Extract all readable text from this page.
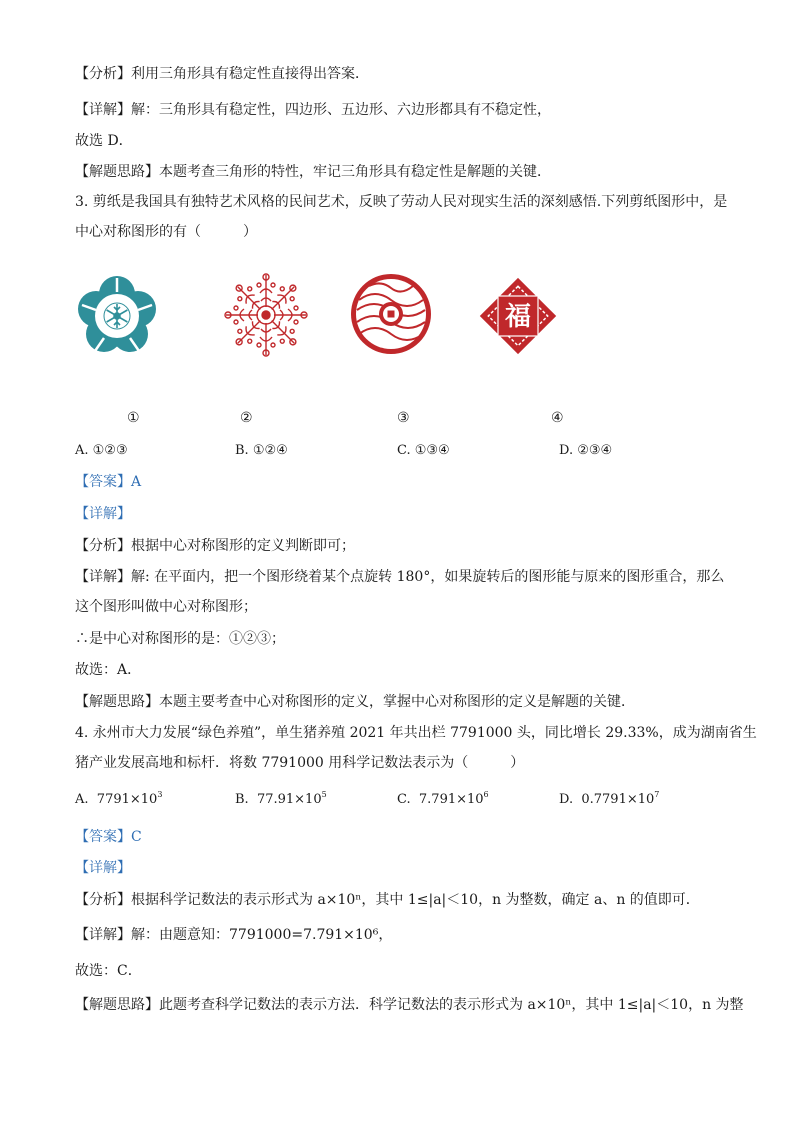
【分析】利用三角形具有稳定性直接得出答案．
【详解】解：三角形具有稳定性，四边形、五边形、六边形都具有不稳定性，
故选 D．
【解题思路】本题考查三角形的特性，牢记三角形具有稳定性是解题的关键．
3. 剪纸是我国具有独特艺术风格的民间艺术，反映了劳动人民对现实生活的深刻感悟.下列剪纸图形中，是
中心对称图形的有（　　　）
福
①	②	③	④
A. ①②③	B. ①②④	C. ①③④	D. ②③④
【答案】A
【详解】
【分析】根据中心对称图形的定义判断即可；
【详解】解: 在平面内，把一个图形绕着某个点旋转 180°，如果旋转后的图形能与原来的图形重合，那么
这个图形叫做中心对称图形；
∴是中心对称图形的是：①②③；
故选：A．
【解题思路】本题主要考查中心对称图形的定义，掌握中心对称图形的定义是解题的关键．
4. 永州市大力发展“绿色养殖”，单生猪养殖 2021 年共出栏 7791000 头，同比增长 29.33%，成为湖南省生
猪产业发展高地和标杆．将数 7791000 用科学记数法表示为（　　　）
A. $7791\times 10^3$	B. $77.91\times 10^5$	C. $7.791\times 10^6$	D. $0.7791\times 10^7$
【答案】C
【详解】
【分析】根据科学记数法的表示形式为 a×10ⁿ，其中 1≤|a|＜10，n 为整数，确定 a、n 的值即可．
【详解】解：由题意知：7791000=7.791×10⁶，
故选：C．
【解题思路】此题考查科学记数法的表示方法．科学记数法的表示形式为 a×10ⁿ，其中 1≤|a|＜10，n 为整
